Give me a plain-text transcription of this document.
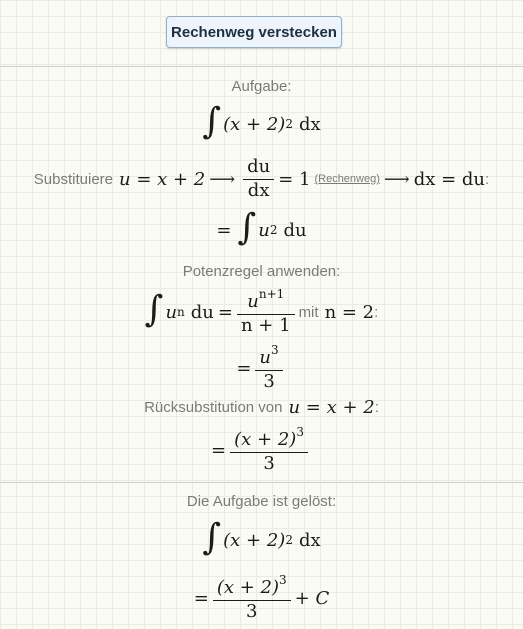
Rechenweg verstecken
Aufgabe:
∫ (x + 2) 2 dx
Substituiere u = x + 2 ⟶ $\frac{du}{dx} = 1$ (Rechenweg) ⟶ dx = du :
= ∫ u 2 du
Potenzregel anwenden:
∫ u n du = $\frac{u^{n+1}}{n + 1}$ mit n = 2 :
= $\frac{u^3}{3}$
Rücksubstitution von u = x + 2 :
= $\frac{(x + 2)^3}{3}$
Die Aufgabe ist gelöst:
∫ (x + 2) 2 dx
= $\frac{(x + 2)^3}{3} + C$
